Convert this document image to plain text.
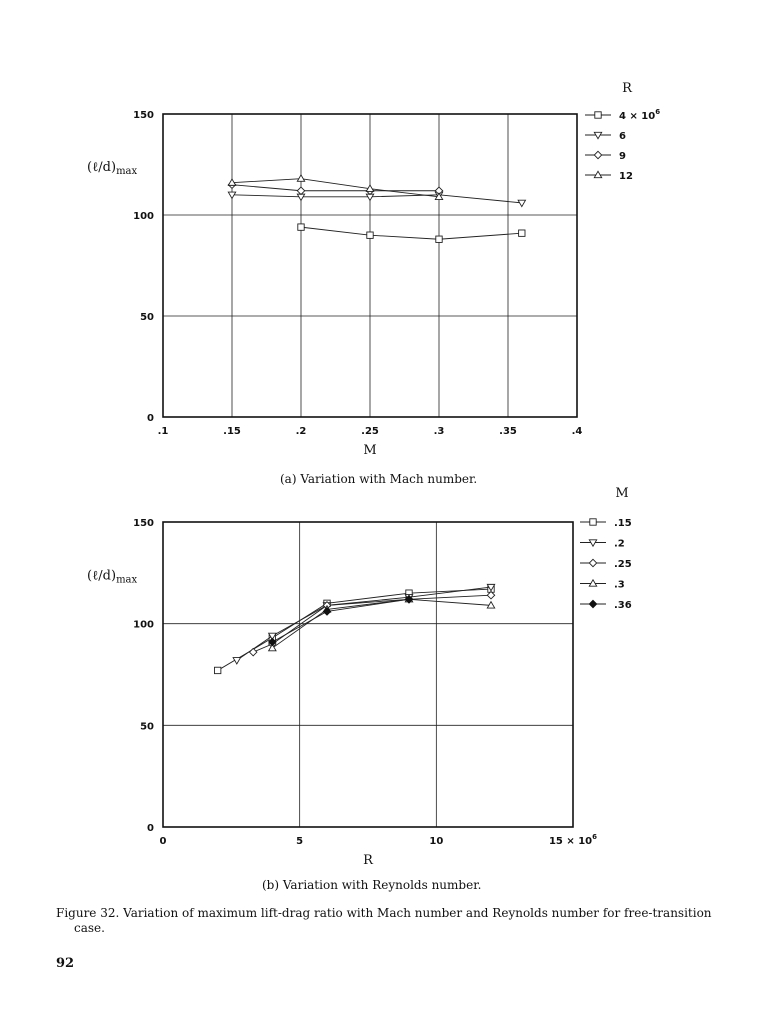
.1	.15	.2	.25	.3	.35	.4
0
50
100
150
M
$(\ell/d)_{max}$
R
$4 \times 10^6$
6
9
12
0	5	10	$15 \times 10^6$
0
50
100
150
R
$(\ell/d)_{max}$
M
.15
.2
.25
.3
.36
(a) Variation with Mach number.
(b) Variation with Reynolds number.
Figure 32. Variation of maximum lift-drag ratio with Mach number and Reynolds number for free-transition
case.
92
